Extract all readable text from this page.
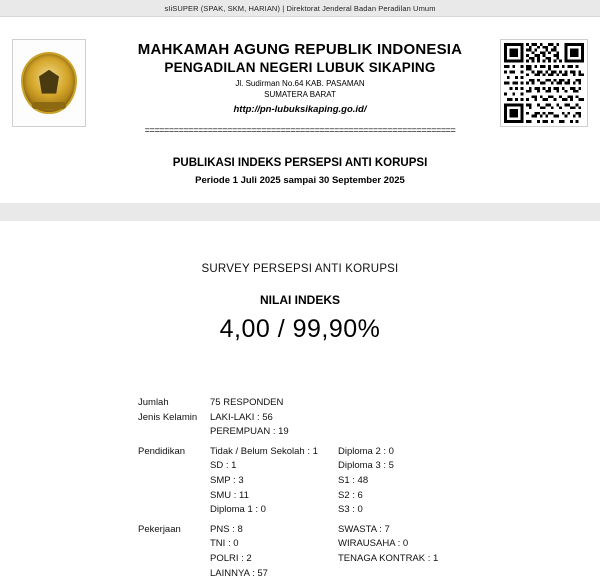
sIiSUPER (SPAK, SKM, HARIAN) | Direktorat Jenderal Badan Peradilan Umum
MAHKAMAH AGUNG REPUBLIK INDONESIA
PENGADILAN NEGERI LUBUK SIKAPING
Jl. Sudirman No.64 KAB. PASAMAN
SUMATERA BARAT
http://pn-lubuksikaping.go.id/
================================================================
PUBLIKASI INDEKS PERSEPSI ANTI KORUPSI
Periode 1 Juli 2025 sampai 30 September 2025
SURVEY PERSEPSI ANTI KORUPSI
NILAI INDEKS
4,00 / 99,90%
Jumlah	75 RESPONDEN	
Jenis Kelamin	LAKI-LAKI : 56	
	PEREMPUAN : 19	

Pendidikan	Tidak / Belum Sekolah : 1	Diploma 2 : 0
	SD : 1	Diploma 3 : 5
	SMP : 3	S1 : 48
	SMU : 11	S2 : 6
	Diploma 1 : 0	S3 : 0

Pekerjaan	PNS : 8	SWASTA : 7
	TNI : 0	WIRAUSAHA : 0
	POLRI : 2	TENAGA KONTRAK : 1
	LAINNYA : 57	
